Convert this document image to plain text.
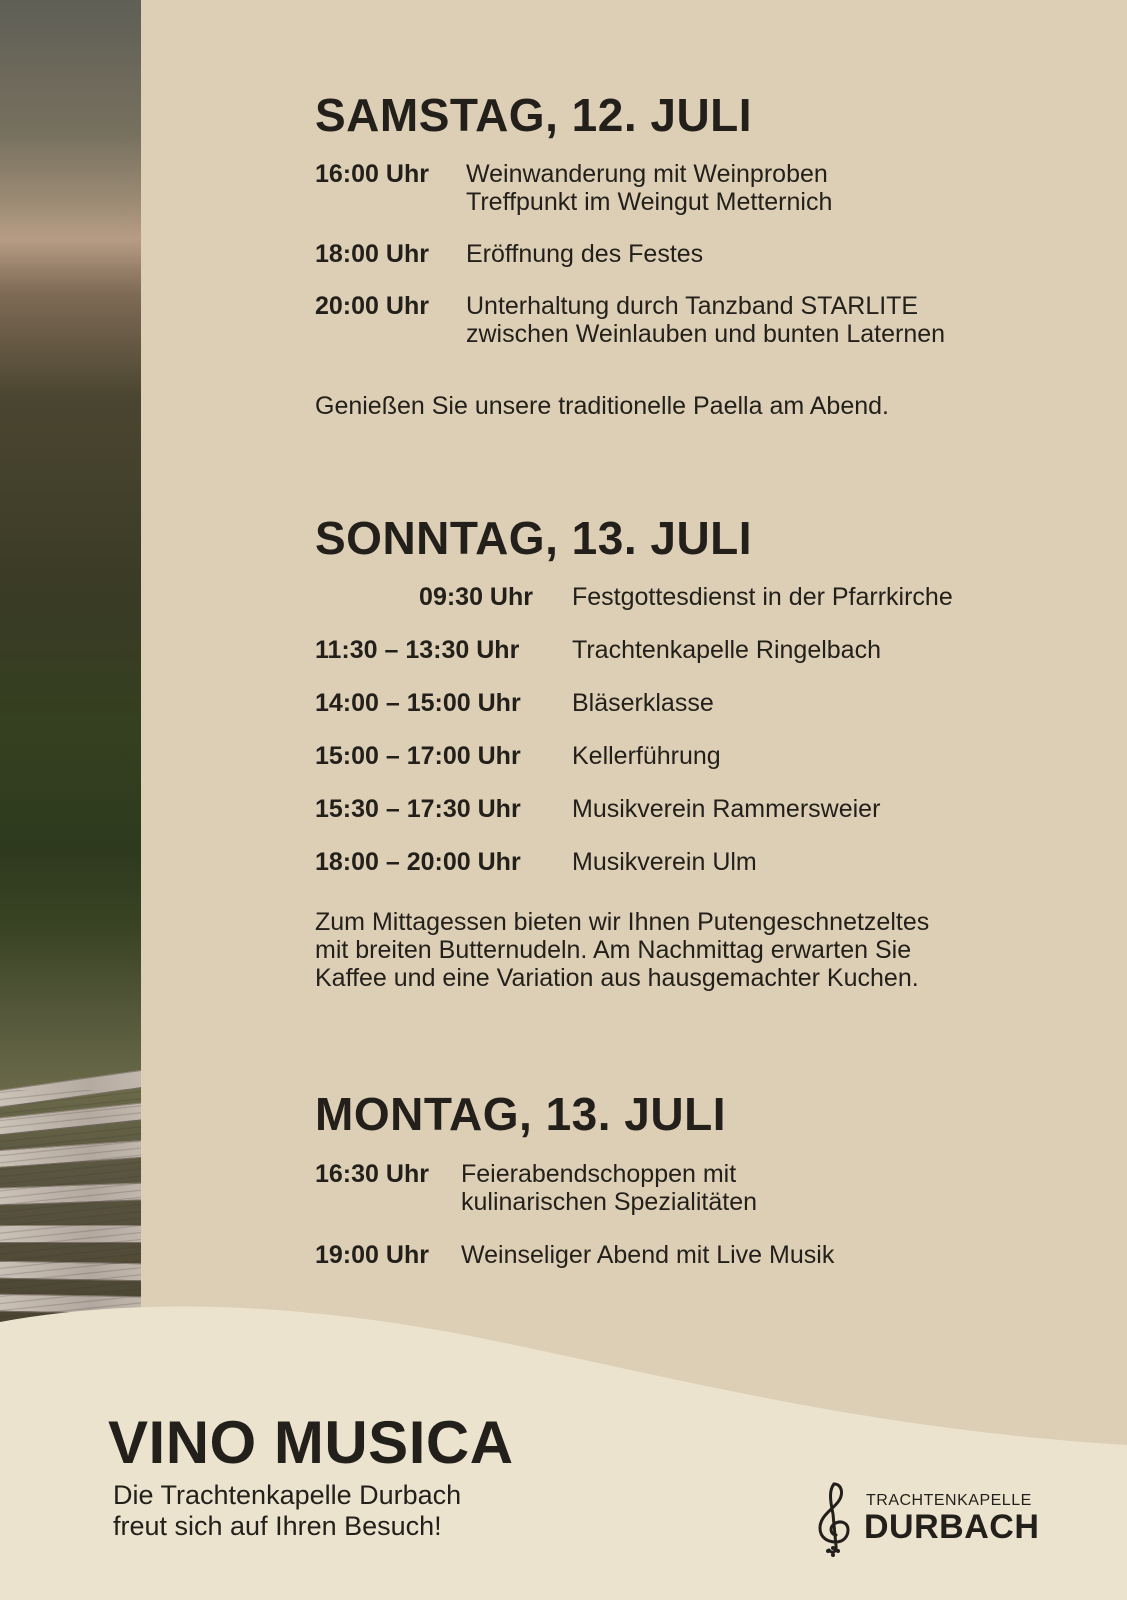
SAMSTAG, 12. JULI
16:00 Uhr Weinwanderung mit Weinproben
Treffpunkt im Weingut Metternich
18:00 Uhr Eröffnung des Festes
20:00 Uhr Unterhaltung durch Tanzband STARLITE
zwischen Weinlauben und bunten Laternen

Genießen Sie unsere traditionelle Paella am Abend.

SONNTAG, 13. JULI
09:30 Uhr Festgottesdienst in der Pfarrkirche
11:30 – 13:30 Uhr Trachtenkapelle Ringelbach
14:00 – 15:00 Uhr Bläserklasse
15:00 – 17:00 Uhr Kellerführung
15:30 – 17:30 Uhr Musikverein Rammersweier
18:00 – 20:00 Uhr Musikverein Ulm

Zum Mittagessen bieten wir Ihnen Putengeschnetzeltes
mit breiten Butternudeln. Am Nachmittag erwarten Sie
Kaffee und eine Variation aus hausgemachter Kuchen.

MONTAG, 13. JULI
16:30 Uhr Feierabendschoppen mit
kulinarischen Spezialitäten
19:00 Uhr Weinseliger Abend mit Live Musik
VINO MUSICA

Die Trachtenkapelle Durbach
freut sich auf Ihren Besuch!

TRACHTENKAPELLE
DURBACH
